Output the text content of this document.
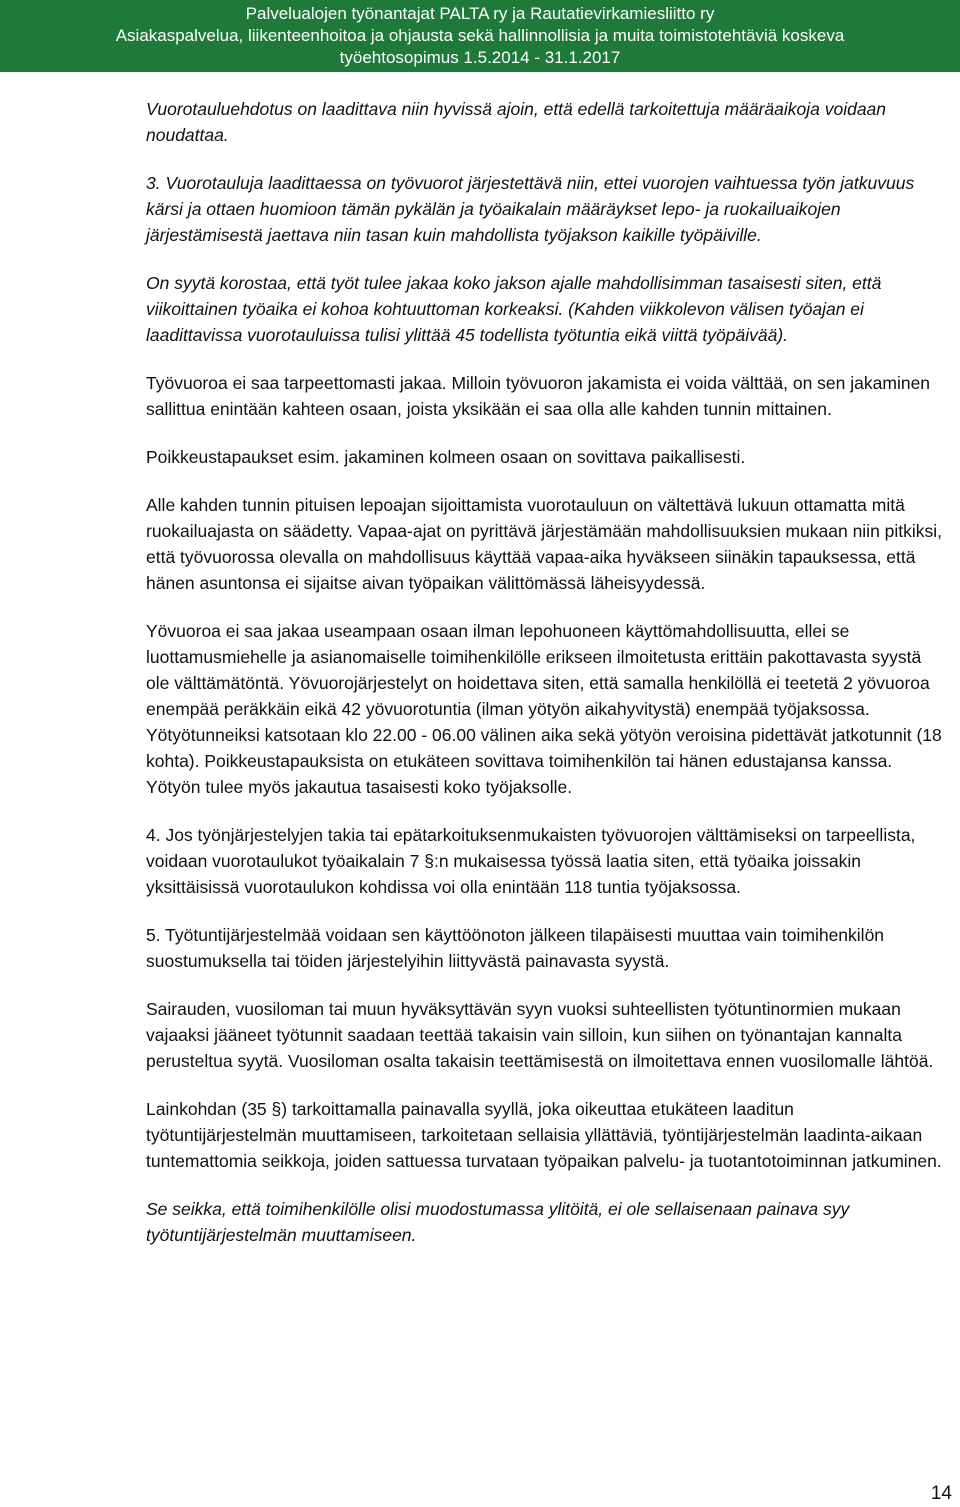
Palvelualojen työnantajat PALTA ry ja Rautatievirkamiesliitto ry
Asiakaspalvelua, liikenteenhoitoa ja ohjausta sekä hallinnollisia ja muita toimistotehtäviä koskeva
työehtosopimus 1.5.2014 - 31.1.2017

Vuorotauluehdotus on laadittava niin hyvissä ajoin, että edellä tarkoitettuja määräaikoja voidaan noudattaa.

3. Vuorotauluja laadittaessa on työvuorot järjestettävä niin, ettei vuorojen vaihtuessa työn jatkuvuus kärsi ja ottaen huomioon tämän pykälän ja työaikalain määräykset lepo- ja ruokailuaikojen järjestämisestä jaettava niin tasan kuin mahdollista työjakson kaikille työpäiville.

On syytä korostaa, että työt tulee jakaa koko jakson ajalle mahdollisimman tasaisesti siten, että viikoittainen työaika ei kohoa kohtuuttoman korkeaksi. (Kahden viikkolevon välisen työajan ei laadittavissa vuorotauluissa tulisi ylittää 45 todellista työtuntia eikä viittä työpäivää).

Työvuoroa ei saa tarpeettomasti jakaa. Milloin työvuoron jakamista ei voida välttää, on sen jakaminen sallittua enintään kahteen osaan, joista yksikään ei saa olla alle kahden tunnin mittainen.

Poikkeustapaukset esim. jakaminen kolmeen osaan on sovittava paikallisesti.

Alle kahden tunnin pituisen lepoajan sijoittamista vuorotauluun on vältettävä lukuun ottamatta mitä ruokailuajasta on säädetty. Vapaa-ajat on pyrittävä järjestämään mahdollisuuksien mukaan niin pitkiksi, että työvuorossa olevalla on mahdollisuus käyttää vapaa-aika hyväkseen siinäkin tapauksessa, että hänen asuntonsa ei sijaitse aivan työpaikan välittömässä läheisyydessä.

Yövuoroa ei saa jakaa useampaan osaan ilman lepohuoneen käyttömahdollisuutta, ellei se luottamusmiehelle ja asianomaiselle toimihenkilölle erikseen ilmoitetusta erittäin pakottavasta syystä ole välttämätöntä. Yövuorojärjestelyt on hoidettava siten, että samalla henkilöllä ei teetetä 2 yövuoroa enempää peräkkäin eikä 42 yövuorotuntia (ilman yötyön aikahyvitystä) enempää työjaksossa. Yötyötunneiksi katsotaan klo 22.00 - 06.00 välinen aika sekä yötyön veroisina pidettävät jatkotunnit (18 kohta). Poikkeustapauksista on etukäteen sovittava toimihenkilön tai hänen edustajansa kanssa. Yötyön tulee myös jakautua tasaisesti koko työjaksolle.

4. Jos työnjärjestelyjen takia tai epätarkoituksenmukaisten työvuorojen välttämiseksi on tarpeellista, voidaan vuorotaulukot työaikalain 7 §:n mukaisessa työssä laatia siten, että työaika joissakin yksittäisissä vuorotaulukon kohdissa voi olla enintään 118 tuntia työjaksossa.

5. Työtuntijärjestelmää voidaan sen käyttöönoton jälkeen tilapäisesti muuttaa vain toimihenkilön suostumuksella tai töiden järjestelyihin liittyvästä painavasta syystä.

Sairauden, vuosiloman tai muun hyväksyttävän syyn vuoksi suhteellisten työtuntinormien mukaan vajaaksi jääneet työtunnit saadaan teettää takaisin vain silloin, kun siihen on työnantajan kannalta perusteltua syytä. Vuosiloman osalta takaisin teettämisestä on ilmoitettava ennen vuosilomalle lähtöä.

Lainkohdan (35 §) tarkoittamalla painavalla syyllä, joka oikeuttaa etukäteen laaditun työtuntijärjestelmän muuttamiseen, tarkoitetaan sellaisia yllättäviä, työntijärjestelmän laadinta-aikaan tuntemattomia seikkoja, joiden sattuessa turvataan työpaikan palvelu- ja tuotantotoiminnan jatkuminen.

Se seikka, että toimihenkilölle olisi muodostumassa ylitöitä, ei ole sellaisenaan painava syy työtuntijärjestelmän muuttamiseen.

14
